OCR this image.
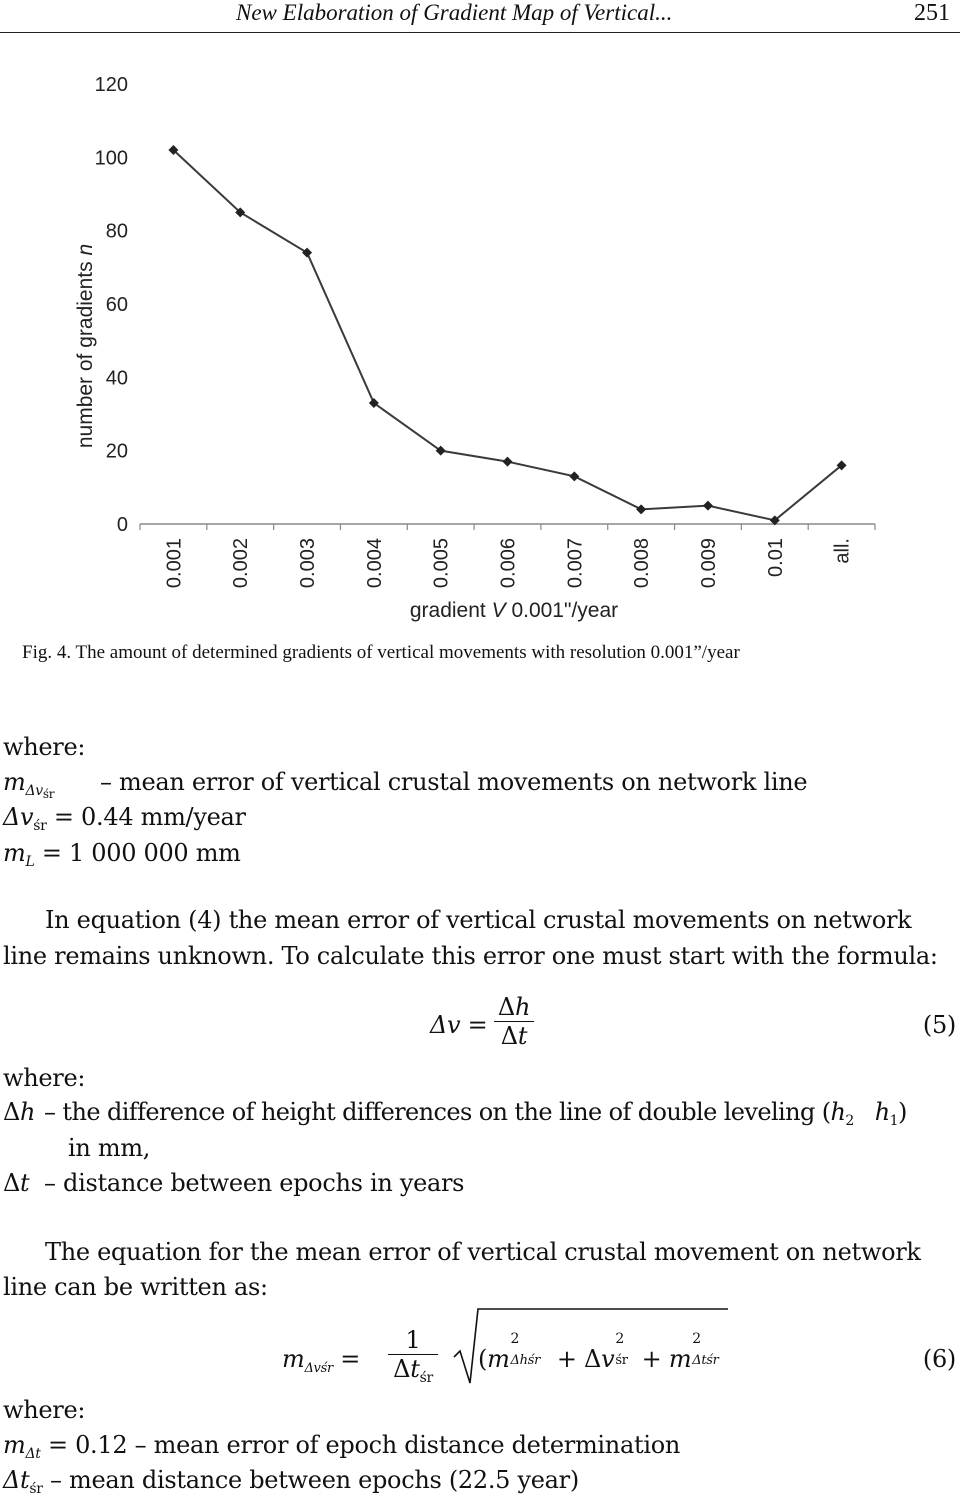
New Elaboration of Gradient Map of Vertical...	251
0
20
40
60
80
100
120
0.001 0.002 0.003 0.004 0.005 0.006 0.007 0.008 0.009 0.01 all.
number of gradients n
gradient V 0.001"/year
Fig. 4. The amount of determined gradients of vertical movements with resolution 0.001”/year
where:
$m_{\Delta vśr}$ – mean error of vertical crustal movements on network line
$\Delta v_{śr} = 0.44$ mm/year
$m_L = 1$ 000 000 mm
In equation (4) the mean error of vertical crustal movements on network
line remains unknown. To calculate this error one must start with the formula:
$\Delta v = \frac{\Delta h}{\Delta t}$	(5)
where:
Δh – the difference of height differences on the line of double leveling ($h_2$ $h_1$)
in mm,
Δt – distance between epochs in years
The equation for the mean error of vertical crustal movement on network
line can be written as:
$m_{\Delta vśr}$ =
1
$\Delta t_{śr}$
(m
2
Δhśr + Δv
2
śr + m
2
Δtśr	(6)
where:
$m_{\Delta t} = 0.12$ – mean error of epoch distance determination
$\Delta t_{śr}$ – mean distance between epochs (22.5 year)
